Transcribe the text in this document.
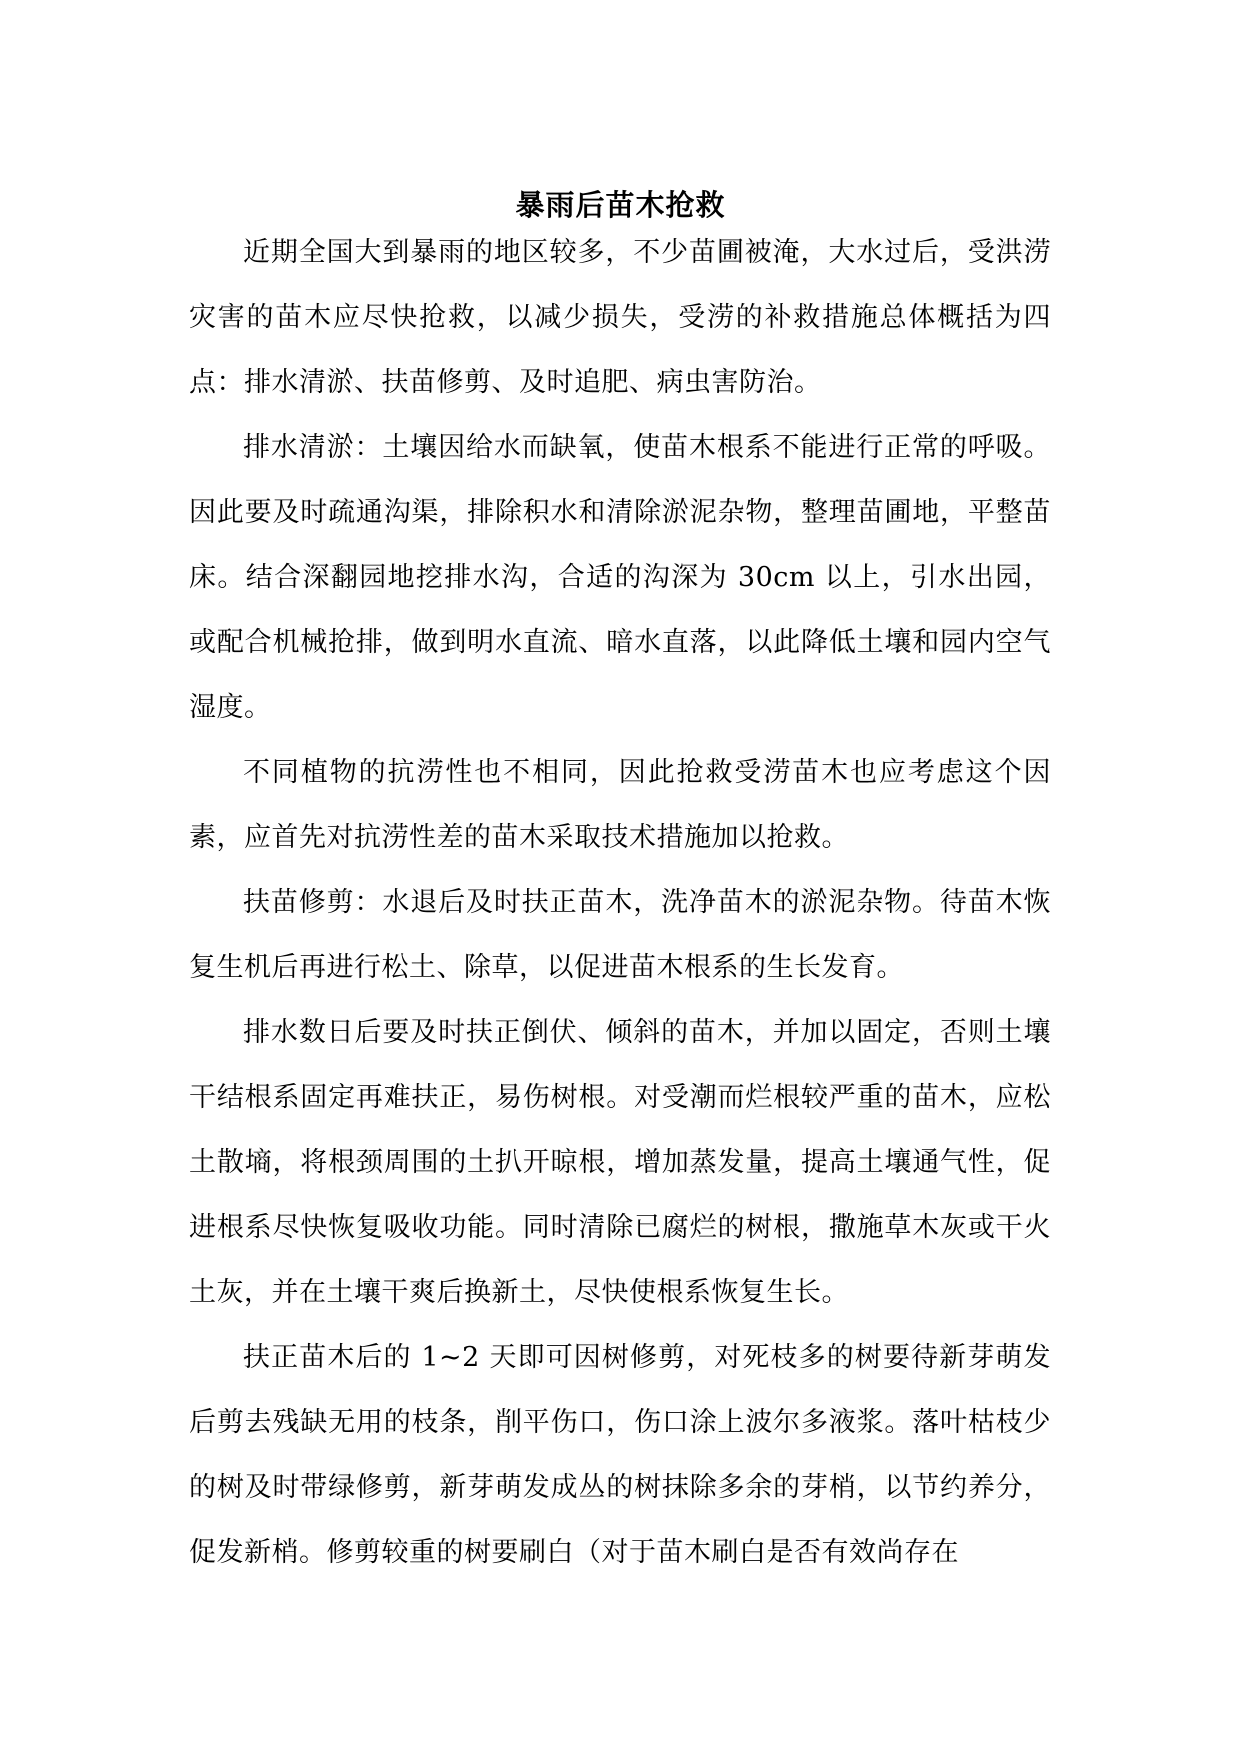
暴雨后苗木抢救

近期全国大到暴雨的地区较多，不少苗圃被淹，大水过后，受洪涝灾害的苗木应尽快抢救，以减少损失，受涝的补救措施总体概括为四点：排水清淤、扶苗修剪、及时追肥、病虫害防治。

排水清淤：土壤因给水而缺氧，使苗木根系不能进行正常的呼吸。因此要及时疏通沟渠，排除积水和清除淤泥杂物，整理苗圃地，平整苗床。结合深翻园地挖排水沟，合适的沟深为 30cm 以上，引水出园，或配合机械抢排，做到明水直流、暗水直落，以此降低土壤和园内空气湿度。

不同植物的抗涝性也不相同，因此抢救受涝苗木也应考虑这个因素，应首先对抗涝性差的苗木采取技术措施加以抢救。

扶苗修剪：水退后及时扶正苗木，洗净苗木的淤泥杂物。待苗木恢复生机后再进行松土、除草，以促进苗木根系的生长发育。

排水数日后要及时扶正倒伏、倾斜的苗木，并加以固定，否则土壤干结根系固定再难扶正，易伤树根。对受潮而烂根较严重的苗木，应松土散墒，将根颈周围的土扒开晾根，增加蒸发量，提高土壤通气性，促进根系尽快恢复吸收功能。同时清除已腐烂的树根，撒施草木灰或干火土灰，并在土壤干爽后换新土，尽快使根系恢复生长。

扶正苗木后的 1~2 天即可因树修剪，对死枝多的树要待新芽萌发后剪去残缺无用的枝条，削平伤口，伤口涂上波尔多液浆。落叶枯枝少的树及时带绿修剪，新芽萌发成丛的树抹除多余的芽梢，以节约养分，促发新梢。修剪较重的树要刷白（对于苗木刷白是否有效尚存在
